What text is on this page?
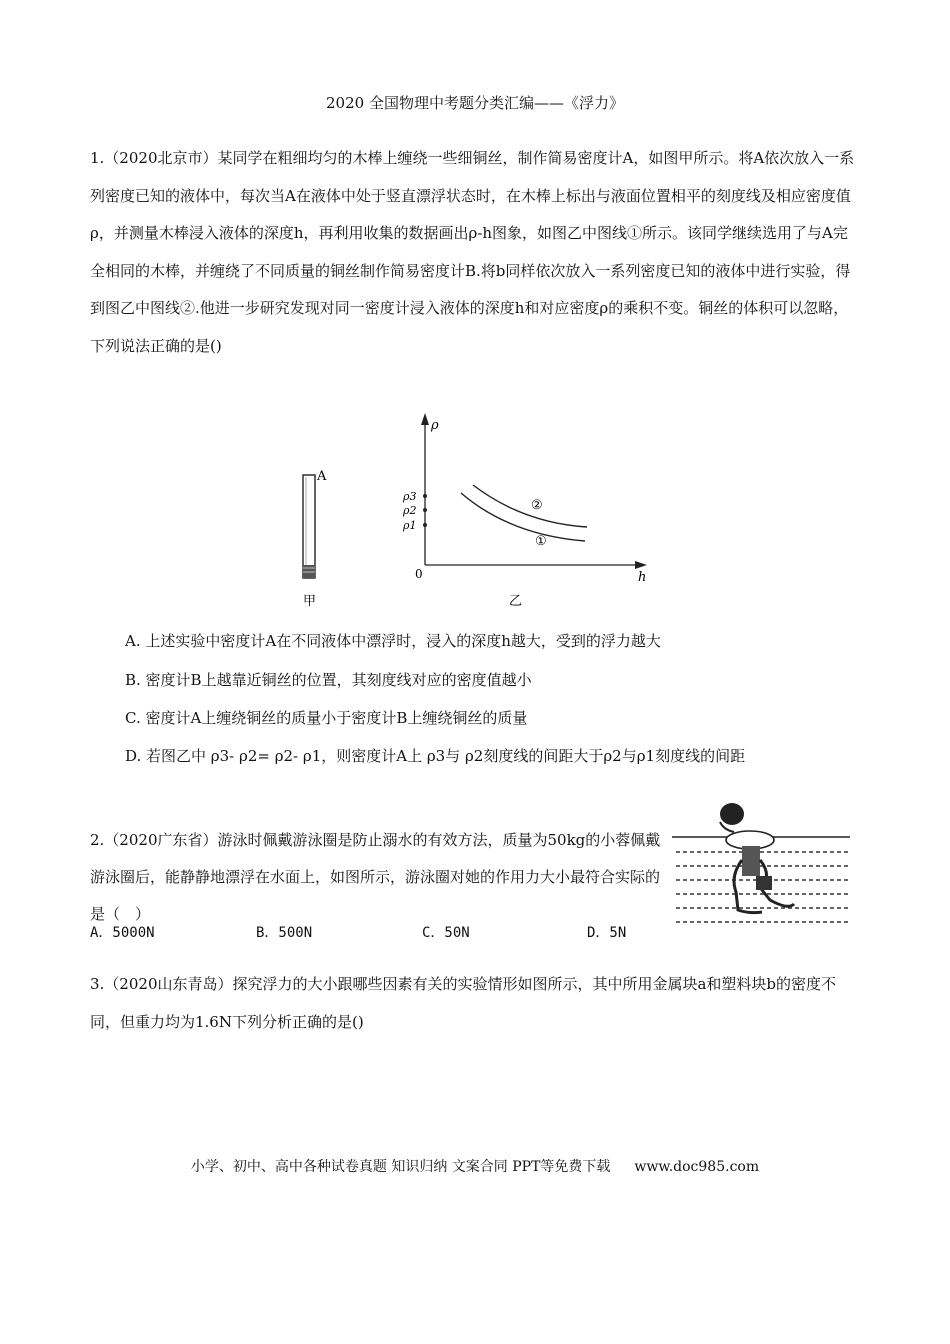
2020 全国物理中考题分类汇编——《浮力》
1.（2020北京市）某同学在粗细均匀的木棒上缠绕一些细铜丝，制作简易密度计A，如图甲所示。将A依次放入一系列密度已知的液体中，每次当A在液体中处于竖直漂浮状态时，在木棒上标出与液面位置相平的刻度线及相应密度值ρ，并测量木棒浸入液体的深度h，再利用收集的数据画出ρ-h图象，如图乙中图线①所示。该同学继续选用了与A完全相同的木棒，并缠绕了不同质量的铜丝制作简易密度计B.将b同样依次放入一系列密度已知的液体中进行实验，得到图乙中图线②.他进一步研究发现对同一密度计浸入液体的深度h和对应密度ρ的乘积不变。铜丝的体积可以忽略，下列说法正确的是()
A
甲
ρ
h
0
ρ3
ρ2
ρ1
②
①
乙
A. 上述实验中密度计A在不同液体中漂浮时，浸入的深度h越大，受到的浮力越大
B. 密度计B上越靠近铜丝的位置，其刻度线对应的密度值越小
C. 密度计A上缠绕铜丝的质量小于密度计B上缠绕铜丝的质量
D. 若图乙中 ρ3- ρ2= ρ2- ρ1，则密度计A上 ρ3与 ρ2刻度线的间距大于ρ2与ρ1刻度线的间距
2.（2020广东省）游泳时佩戴游泳圈是防止溺水的有效方法，质量为50kg的小蓉佩戴游泳圈后，能静静地漂浮在水面上，如图所示，游泳圈对她的作用力大小最符合实际的是（　）
A．5000N	B．500N	C．50N	D．5N
3.（2020山东青岛）探究浮力的大小跟哪些因素有关的实验情形如图所示，其中所用金属块a和塑料块b的密度不同，但重力均为1.6N下列分析正确的是()
小学、初中、高中各种试卷真题 知识归纳 文案合同 PPT等免费下载 www.doc985.com
